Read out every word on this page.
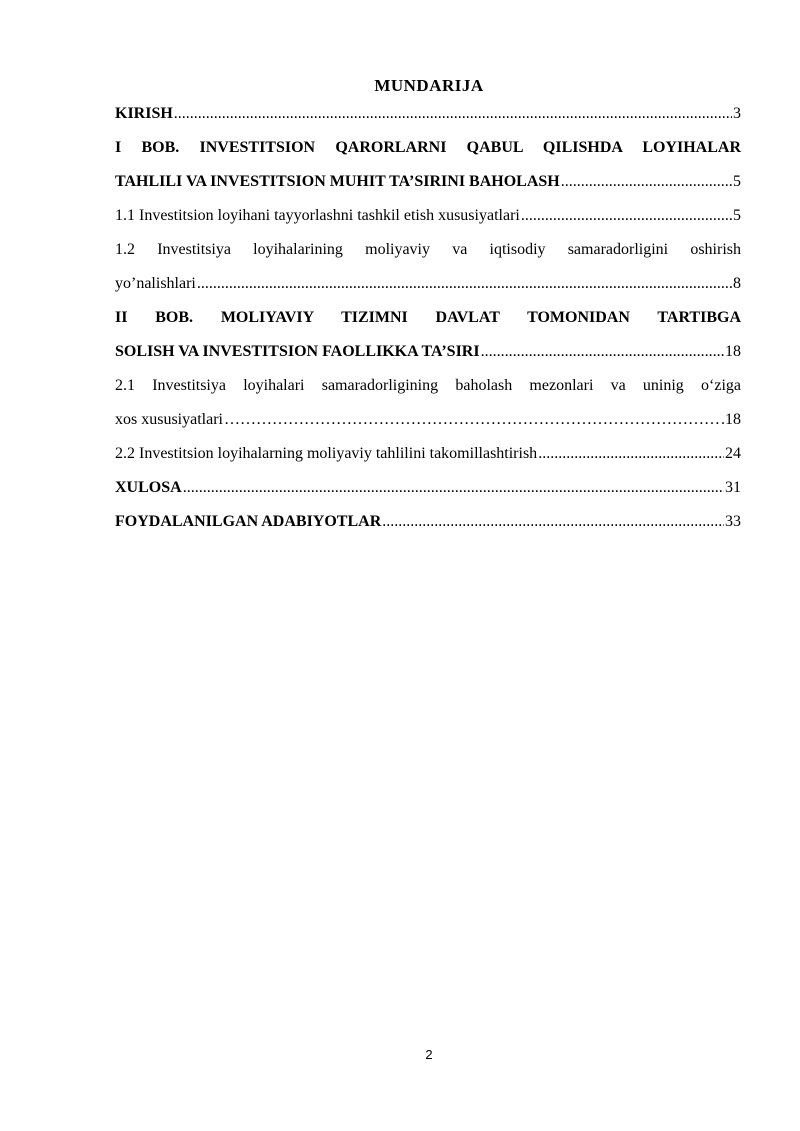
MUNDARIJA
KIRISH .....	3
I BOB. INVESTITSION QARORLARNI QABUL QILISHDA LOYIHALAR
TAHLILI VA INVESTITSION MUHIT TA’SIRINI BAHOLASH .....	5
1.1 Investitsion loyihani tayyorlashni tashkil etish xususiyatlari .....	5
1.2 Investitsiya loyihalarining moliyaviy va iqtisodiy samaradorligini oshirish
yo’nalishlari .....	8
II BOB. MOLIYAVIY TIZIMNI DAVLAT TOMONIDAN TARTIBGA
SOLISH VA INVESTITSION FAOLLIKKA TA’SIRI .....	18
2.1 Investitsiya loyihalari samaradorligining baholash mezonlari va uninig o‘ziga
xos xususiyatlari ……………………………………………………………………………………………………………………………………	.18
2.2 Investitsion loyihalarning moliyaviy tahlilini takomillashtirish .....	24
XULOSA .....	31
FOYDALANILGAN ADABIYOTLAR .....	33
2
